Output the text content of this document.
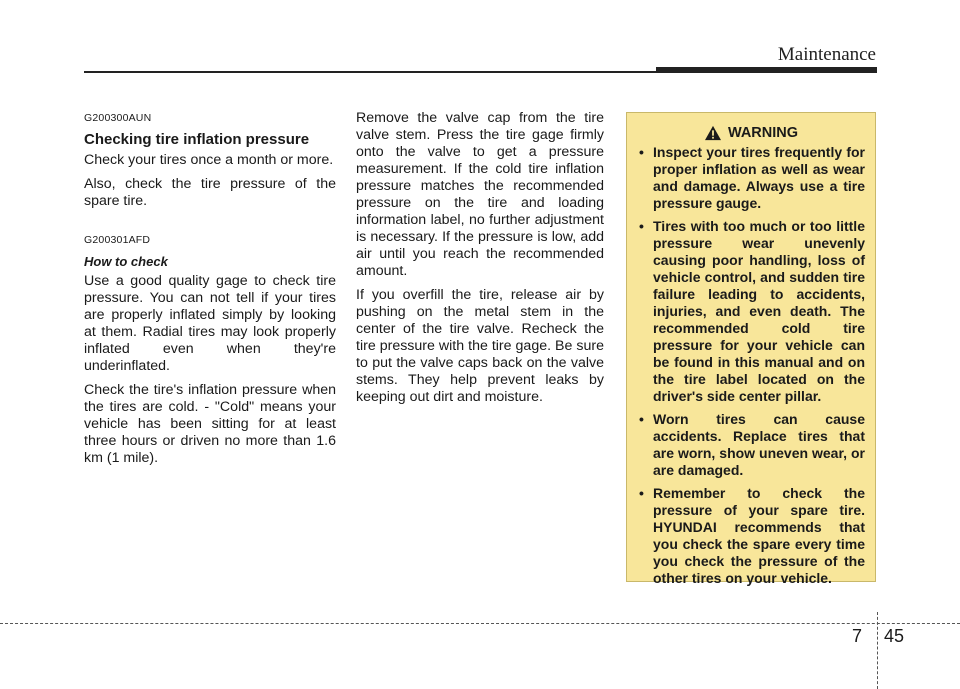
Maintenance
G200300AUN
Checking tire inflation pressure

Check your tires once a month or more.

Also, check the tire pressure of the spare tire.

G200301AFD
How to check

Use a good quality gage to check tire pressure. You can not tell if your tires are properly inflated simply by looking at them. Radial tires may look properly inflated even when they're underinflated.

Check the tire's inflation pressure when the tires are cold. - "Cold" means your vehicle has been sitting for at least three hours or driven no more than 1.6 km (1 mile).

Remove the valve cap from the tire valve stem. Press the tire gage firmly onto the valve to get a pressure measurement. If the cold tire inflation pressure matches the recommended pressure on the tire and loading information label, no further adjustment is necessary. If the pressure is low, add air until you reach the recommended amount.

If you overfill the tire, release air by pushing on the metal stem in the center of the tire valve. Recheck the tire pressure with the tire gage. Be sure to put the valve caps back on the valve stems. They help prevent leaks by keeping out dirt and moisture.

WARNING
• Inspect your tires frequently for proper inflation as well as wear and damage. Always use a tire pressure gauge.
• Tires with too much or too little pressure wear unevenly causing poor handling, loss of vehicle control, and sudden tire failure leading to accidents, injuries, and even death. The recommended cold tire pressure for your vehicle can be found in this manual and on the tire label located on the driver's side center pillar.
• Worn tires can cause accidents. Replace tires that are worn, show uneven wear, or are damaged.
• Remember to check the pressure of your spare tire. HYUNDAI recommends that you check the spare every time you check the pressure of the other tires on your vehicle.
7 45
